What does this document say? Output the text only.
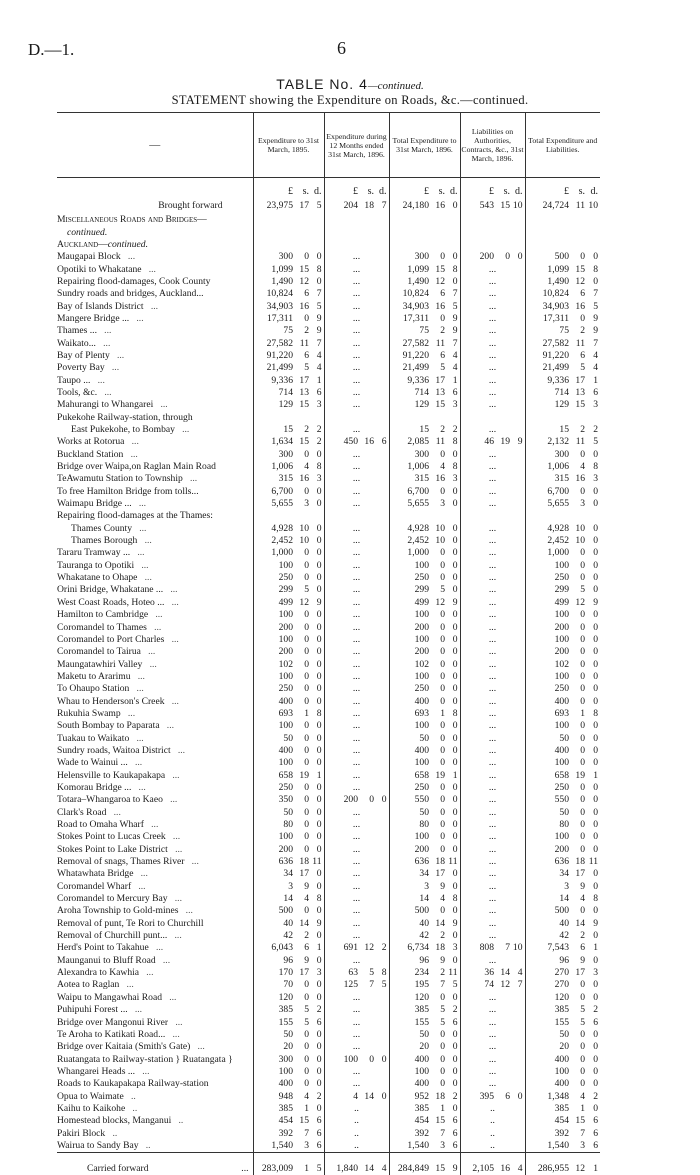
D.—1.	6
TABLE No. 4—continued.
STATEMENT showing the Expenditure on Roads, &c.—continued.
—	Expenditure to 31st March, 1895.			Expenditure during 12 Months ended 31st March, 1896.			Total Expenditure to 31st March, 1896.			Liabilities on Authorities, Contracts, &c., 31st March, 1896.			Total Expenditure and Liabilities.		
	£	s.	d.	£	s.	d.	£	s.	d.	£	s.	d.	£	s.	d.
Brought forward	23,975	17	5	204	18	7	24,180	16	0	543	15	10	24,724	11	10
Miscellaneous Roads and Bridges—															
continued.															
Auckland—continued.															
Maugapai Block ...	300	0	0	...			300	0	0	200	0	0	500	0	0
Opotiki to Whakatane ...	1,099	15	8	...			1,099	15	8	...			1,099	15	8
Repairing flood-damages, Cook County	1,490	12	0	...			1,490	12	0	...			1,490	12	0
Sundry roads and bridges, Auckland...	10,824	6	7	...			10,824	6	7	...			10,824	6	7
Bay of Islands District ...	34,903	16	5	...			34,903	16	5	...			34,903	16	5
Mangere Bridge ... ...	17,311	0	9	...			17,311	0	9	...			17,311	0	9
Thames ... ...	75	2	9	...			75	2	9	...			75	2	9
Waikato... ...	27,582	11	7	...			27,582	11	7	...			27,582	11	7
Bay of Plenty ...	91,220	6	4	...			91,220	6	4	...			91,220	6	4
Poverty Bay ...	21,499	5	4	...			21,499	5	4	...			21,499	5	4
Taupo ... ...	9,336	17	1	...			9,336	17	1	...			9,336	17	1
Tools, &c. ...	714	13	6	...			714	13	6	...			714	13	6
Mahurangi to Whangarei ...	129	15	3	...			129	15	3	...			129	15	3
Pukekohe Railway-station, through															
East Pukekohe, to Bombay ...	15	2	2	...			15	2	2	...			15	2	2
Works at Rotorua ...	1,634	15	2	450	16	6	2,085	11	8	46	19	9	2,132	11	5
Buckland Station ...	300	0	0	...			300	0	0	...			300	0	0
Bridge over Waipa,on Raglan Main Road	1,006	4	8	...			1,006	4	8	...			1,006	4	8
TeAwamutu Station to Township ...	315	16	3	...			315	16	3	...			315	16	3
To free Hamilton Bridge from tolls...	6,700	0	0	...			6,700	0	0	...			6,700	0	0
Waimapu Bridge ... ...	5,655	3	0	...			5,655	3	0	...			5,655	3	0
Repairing flood-damages at the Thames:															
Thames County ...	4,928	10	0	...			4,928	10	0	...			4,928	10	0
Thames Borough ...	2,452	10	0	...			2,452	10	0	...			2,452	10	0
Tararu Tramway ... ...	1,000	0	0	...			1,000	0	0	...			1,000	0	0
Tauranga to Opotiki ...	100	0	0	...			100	0	0	...			100	0	0
Whakatane to Ohape ...	250	0	0	...			250	0	0	...			250	0	0
Orini Bridge, Whakatane ... ...	299	5	0	...			299	5	0	...			299	5	0
West Coast Roads, Hoteo ... ...	499	12	9	...			499	12	9	...			499	12	9
Hamilton to Cambridge ...	100	0	0	...			100	0	0	...			100	0	0
Coromandel to Thames ...	200	0	0	...			200	0	0	...			200	0	0
Coromandel to Port Charles ...	100	0	0	...			100	0	0	...			100	0	0
Coromandel to Tairua ...	200	0	0	...			200	0	0	...			200	0	0
Maungatawhiri Valley ...	102	0	0	...			102	0	0	...			102	0	0
Maketu to Ararimu ...	100	0	0	...			100	0	0	...			100	0	0
To Ohaupo Station ...	250	0	0	...			250	0	0	...			250	0	0
Whau to Henderson's Creek ...	400	0	0	...			400	0	0	...			400	0	0
Rukuhia Swamp ...	693	1	8	...			693	1	8	...			693	1	8
South Bombay to Paparata ...	100	0	0	...			100	0	0	...			100	0	0
Tuakau to Waikato ...	50	0	0	...			50	0	0	...			50	0	0
Sundry roads, Waitoa District ...	400	0	0	...			400	0	0	...			400	0	0
Wade to Wainui ... ...	100	0	0	...			100	0	0	...			100	0	0
Helensville to Kaukapakapa ...	658	19	1	...			658	19	1	...			658	19	1
Komorau Bridge ... ...	250	0	0	...			250	0	0	...			250	0	0
Totara–Whangaroa to Kaeo ...	350	0	0	200	0	0	550	0	0	...			550	0	0
Clark's Road ...	50	0	0	...			50	0	0	...			50	0	0
Road to Omaha Wharf ...	80	0	0	...			80	0	0	...			80	0	0
Stokes Point to Lucas Creek ...	100	0	0	...			100	0	0	...			100	0	0
Stokes Point to Lake District ...	200	0	0	...			200	0	0	...			200	0	0
Removal of snags, Thames River ...	636	18	11	...			636	18	11	...			636	18	11
Whatawhata Bridge ...	34	17	0	...			34	17	0	...			34	17	0
Coromandel Wharf ...	3	9	0	...			3	9	0	...			3	9	0
Coromandel to Mercury Bay ...	14	4	8	...			14	4	8	...			14	4	8
Aroha Township to Gold-mines ...	500	0	0	...			500	0	0	...			500	0	0
Removal of punt, Te Rori to Churchill	40	14	9	...			40	14	9	...			40	14	9
Removal of Churchill punt... ...	42	2	0	...			42	2	0	...			42	2	0
Herd's Point to Takahue ...	6,043	6	1	691	12	2	6,734	18	3	808	7	10	7,543	6	1
Maunganui to Bluff Road ...	96	9	0	...			96	9	0	...			96	9	0
Alexandra to Kawhia ...	170	17	3	63	5	8	234	2	11	36	14	4	270	17	3
Aotea to Raglan ...	70	0	0	125	7	5	195	7	5	74	12	7	270	0	0
Waipu to Mangawhai Road ...	120	0	0	...			120	0	0	...			120	0	0
Puhipuhi Forest ... ...	385	5	2	...			385	5	2	...			385	5	2
Bridge over Mangonui River ...	155	5	6	...			155	5	6	...			155	5	6
Te Aroha to Katikati Road... ...	50	0	0	...			50	0	0	...			50	0	0
Bridge over Kaitaia (Smith's Gate) ...	20	0	0	...			20	0	0	...			20	0	0
Ruatangata to Railway-station } Ruatangata }	300	0	0	100	0	0	400	0	0	...			400	0	0
Whangarei Heads ... ...	100	0	0	...			100	0	0	...			100	0	0
Roads to Kaukapakapa Railway-station	400	0	0	...			400	0	0	...			400	0	0
Opua to Waimate ..	948	4	2	4	14	0	952	18	2	395	6	0	1,348	4	2
Kaihu to Kaikohe ..	385	1	0	..			385	1	0	..			385	1	0
Homestead blocks, Manganui ..	454	15	6	..			454	15	6	..			454	15	6
Pakiri Block ..	392	7	6	..			392	7	6	..			392	7	6
Wairua to Sandy Bay ..	1,540	3	6	..			1,540	3	6	..			1,540	3	6
Carried forward ...	283,009	1	5	1,840	14	4	284,849	15	9	2,105	16	4	286,955	12	1
